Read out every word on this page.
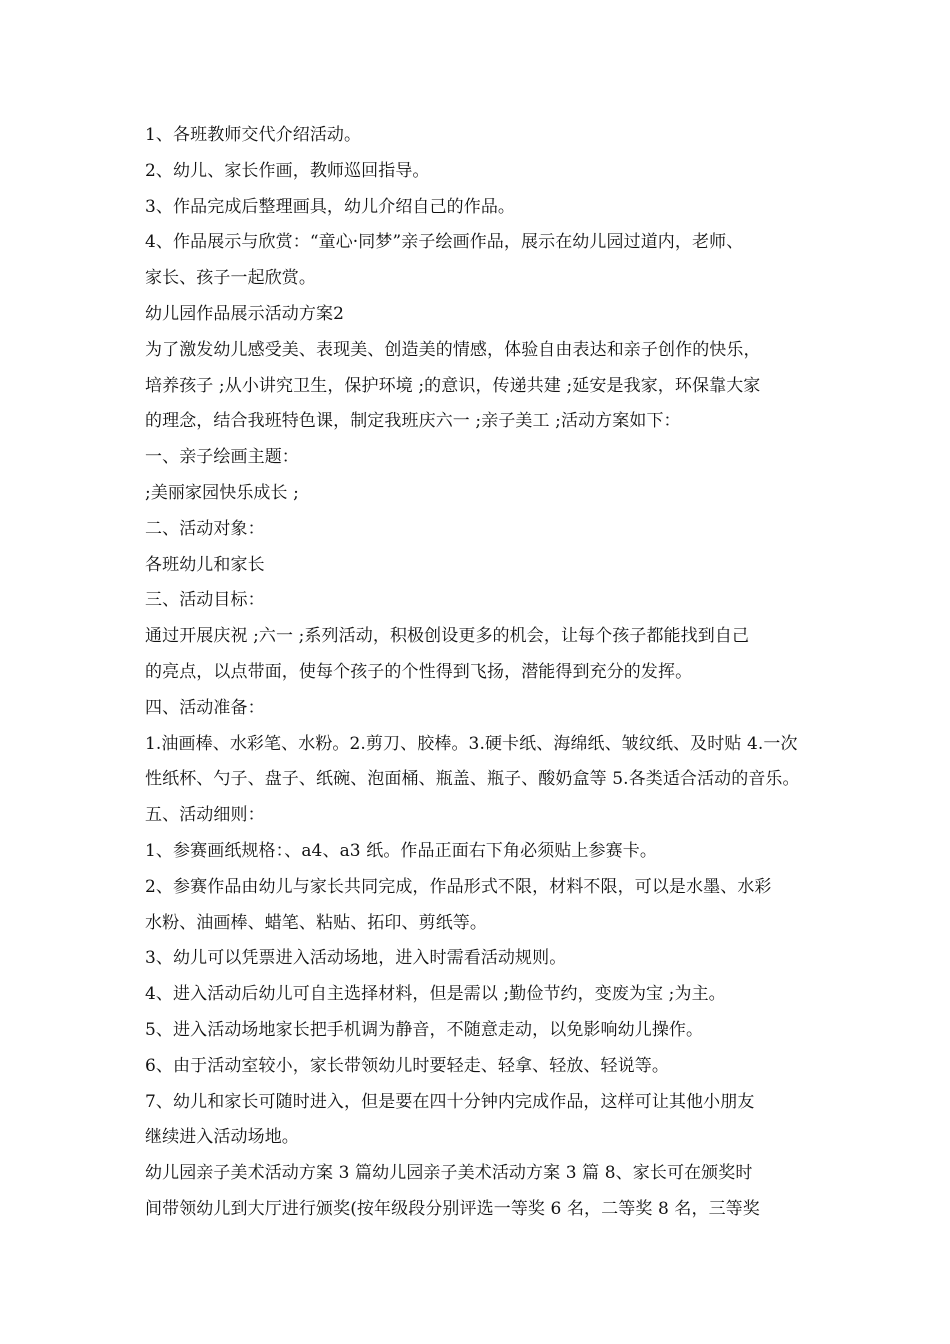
1、各班教师交代介绍活动。
2、幼儿、家长作画，教师巡回指导。
3、作品完成后整理画具，幼儿介绍自己的作品。
4、作品展示与欣赏：“童心·同梦”亲子绘画作品，展示在幼儿园过道内，老师、
家长、孩子一起欣赏。
幼儿园作品展示活动方案2
为了激发幼儿感受美、表现美、创造美的情感，体验自由表达和亲子创作的快乐，
培养孩子 ;从小讲究卫生，保护环境 ;的意识，传递共建 ;延安是我家，环保靠大家
的理念，结合我班特色课，制定我班庆六一 ;亲子美工 ;活动方案如下：
一、亲子绘画主题：
;美丽家园快乐成长 ;
二、活动对象：
各班幼儿和家长
三、活动目标：
通过开展庆祝 ;六一 ;系列活动，积极创设更多的机会，让每个孩子都能找到自己
的亮点，以点带面，使每个孩子的个性得到飞扬，潜能得到充分的发挥。
四、活动准备：
1.油画棒、水彩笔、水粉。2.剪刀、胶棒。3.硬卡纸、海绵纸、皱纹纸、及时贴 4.一次
性纸杯、勺子、盘子、纸碗、泡面桶、瓶盖、瓶子、酸奶盒等 5.各类适合活动的音乐。
五、活动细则：
1、参赛画纸规格：、a4、a3 纸。作品正面右下角必须贴上参赛卡。
2、参赛作品由幼儿与家长共同完成，作品形式不限，材料不限，可以是水墨、水彩
水粉、油画棒、蜡笔、粘贴、拓印、剪纸等。
3、幼儿可以凭票进入活动场地，进入时需看活动规则。
4、进入活动后幼儿可自主选择材料，但是需以 ;勤俭节约，变废为宝 ;为主。
5、进入活动场地家长把手机调为静音，不随意走动，以免影响幼儿操作。
6、由于活动室较小，家长带领幼儿时要轻走、轻拿、轻放、轻说等。
7、幼儿和家长可随时进入，但是要在四十分钟内完成作品，这样可让其他小朋友
继续进入活动场地。
幼儿园亲子美术活动方案 3 篇幼儿园亲子美术活动方案 3 篇 8、家长可在颁奖时
间带领幼儿到大厅进行颁奖(按年级段分别评选一等奖 6 名，二等奖 8 名，三等奖
